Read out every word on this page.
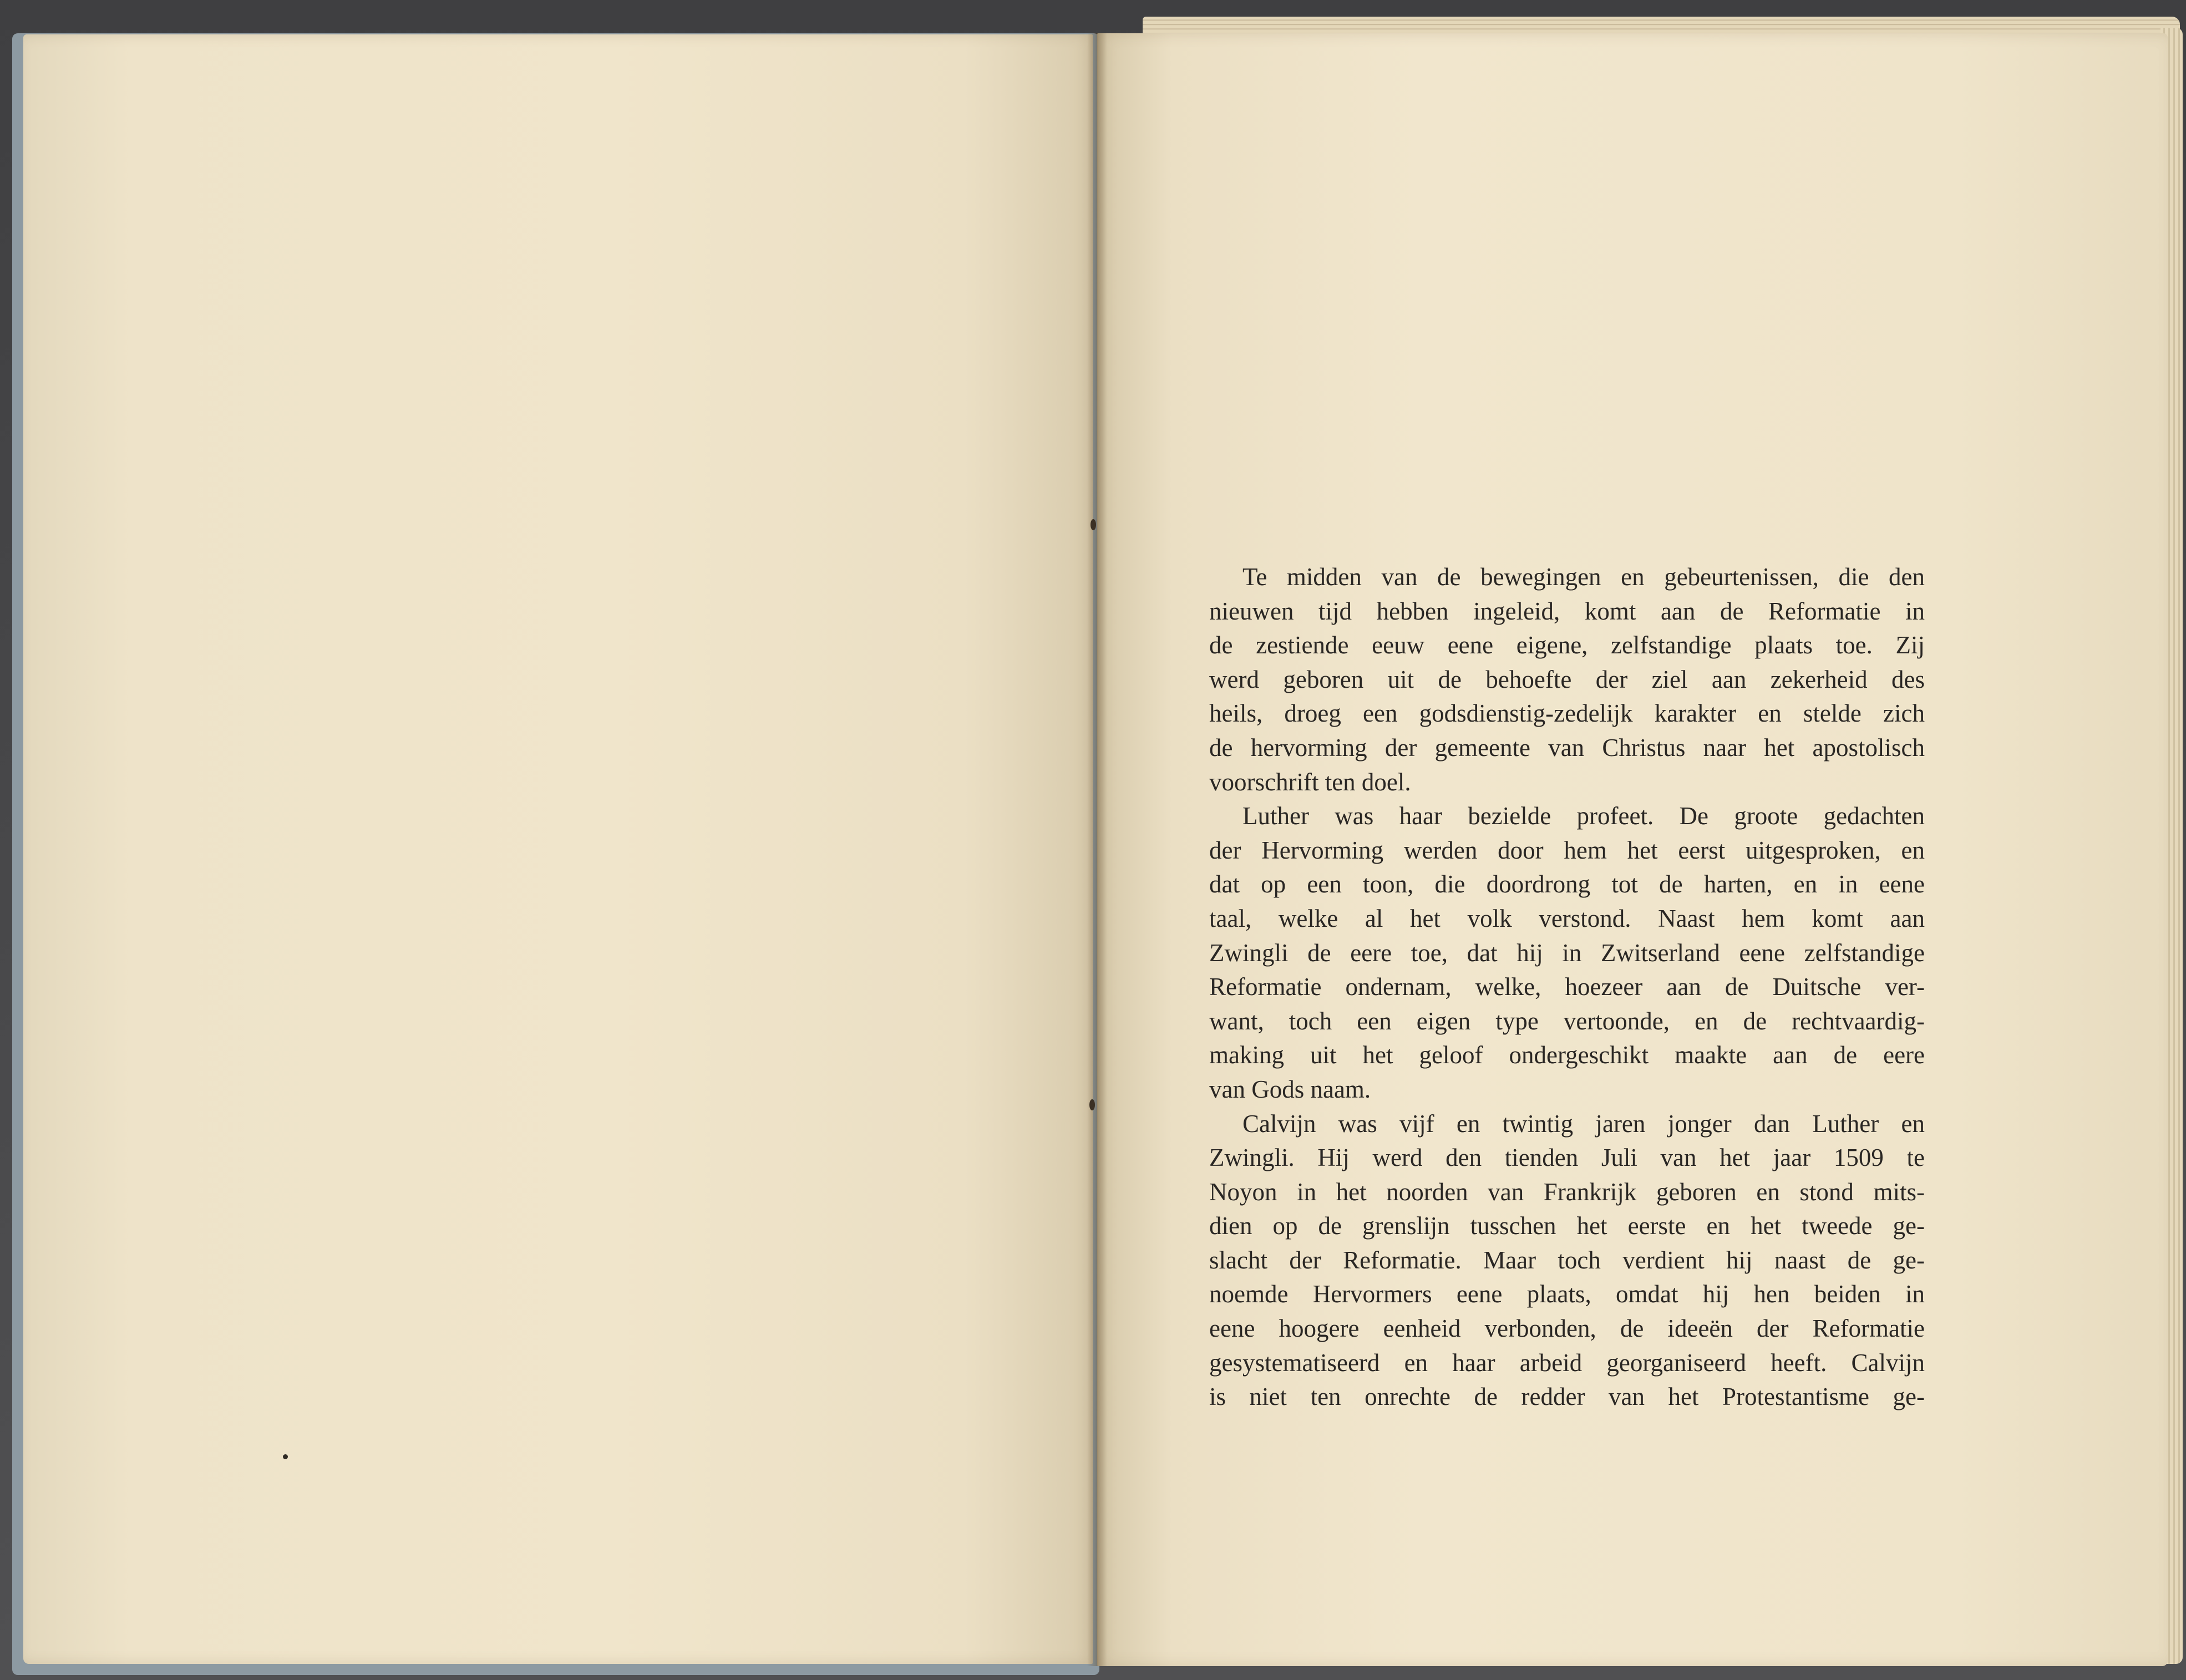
Te midden van de bewegingen en gebeurtenissen, die den
nieuwen tijd hebben ingeleid, komt aan de Reformatie in
de zestiende eeuw eene eigene, zelfstandige plaats toe. Zij
werd geboren uit de behoefte der ziel aan zekerheid des
heils, droeg een godsdienstig-zedelijk karakter en stelde zich
de hervorming der gemeente van Christus naar het apostolisch
voorschrift ten doel.
Luther was haar bezielde profeet. De groote gedachten
der Hervorming werden door hem het eerst uitgesproken, en
dat op een toon, die doordrong tot de harten, en in eene
taal, welke al het volk verstond. Naast hem komt aan
Zwingli de eere toe, dat hij in Zwitserland eene zelfstandige
Reformatie ondernam, welke, hoezeer aan de Duitsche ver-
want, toch een eigen type vertoonde, en de rechtvaardig-
making uit het geloof ondergeschikt maakte aan de eere
van Gods naam.
Calvijn was vijf en twintig jaren jonger dan Luther en
Zwingli. Hij werd den tienden Juli van het jaar 1509 te
Noyon in het noorden van Frankrijk geboren en stond mits-
dien op de grenslijn tusschen het eerste en het tweede ge-
slacht der Reformatie. Maar toch verdient hij naast de ge-
noemde Hervormers eene plaats, omdat hij hen beiden in
eene hoogere eenheid verbonden, de ideeën der Reformatie
gesystematiseerd en haar arbeid georganiseerd heeft. Calvijn
is niet ten onrechte de redder van het Protestantisme ge-
